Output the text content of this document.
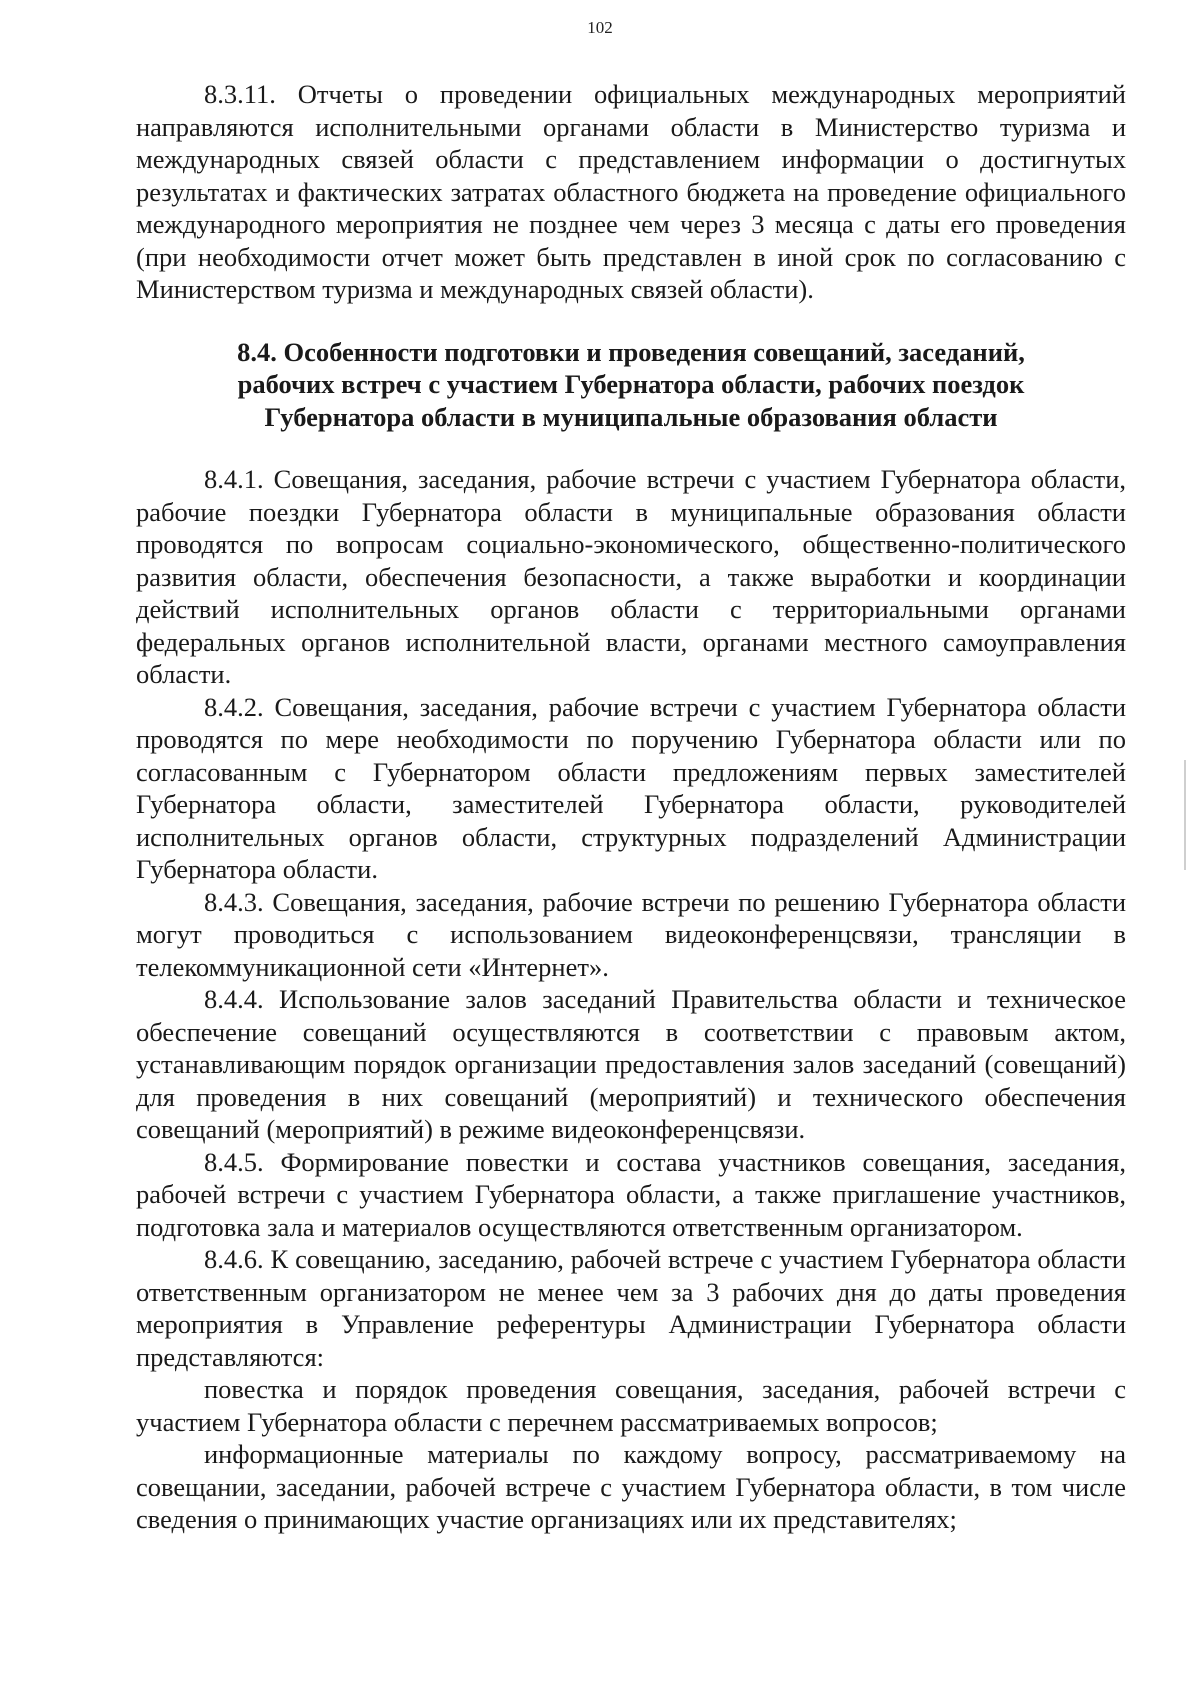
102

8.3.11. Отчеты о проведении официальных международных мероприятий направляются исполнительными органами области в Министерство туризма и международных связей области с представлением информации о достигнутых результатах и фактических затратах областного бюджета на проведение официального международного мероприятия не позднее чем через 3 месяца с даты его проведения (при необходимости отчет может быть представлен в иной срок по согласованию с Министерством туризма и международных связей области).

8.4. Особенности подготовки и проведения совещаний, заседаний,
рабочих встреч с участием Губернатора области, рабочих поездок
Губернатора области в муниципальные образования области

8.4.1. Совещания, заседания, рабочие встречи с участием Губернатора области, рабочие поездки Губернатора области в муниципальные образования области проводятся по вопросам социально-экономического, общественно-политического развития области, обеспечения безопасности, а также выработки и координации действий исполнительных органов области с территориальными органами федеральных органов исполнительной власти, органами местного самоуправления области.

8.4.2. Совещания, заседания, рабочие встречи с участием Губернатора области проводятся по мере необходимости по поручению Губернатора области или по согласованным с Губернатором области предложениям первых заместителей Губернатора области, заместителей Губернатора области, руководителей исполнительных органов области, структурных подразделений Администрации Губернатора области.

8.4.3. Совещания, заседания, рабочие встречи по решению Губернатора области могут проводиться с использованием видеоконференцсвязи, трансляции в телекоммуникационной сети «Интернет».

8.4.4. Использование залов заседаний Правительства области и техническое обеспечение совещаний осуществляются в соответствии с правовым актом, устанавливающим порядок организации предоставления залов заседаний (совещаний) для проведения в них совещаний (мероприятий) и технического обеспечения совещаний (мероприятий) в режиме видеоконференцсвязи.

8.4.5. Формирование повестки и состава участников совещания, заседания, рабочей встречи с участием Губернатора области, а также приглашение участников, подготовка зала и материалов осуществляются ответственным организатором.

8.4.6. К совещанию, заседанию, рабочей встрече с участием Губернатора области ответственным организатором не менее чем за 3 рабочих дня до даты проведения мероприятия в Управление референтуры Администрации Губернатора области представляются:

повестка и порядок проведения совещания, заседания, рабочей встречи с участием Губернатора области с перечнем рассматриваемых вопросов;

информационные материалы по каждому вопросу, рассматриваемому на совещании, заседании, рабочей встрече с участием Губернатора области, в том числе сведения о принимающих участие организациях или их представителях;
